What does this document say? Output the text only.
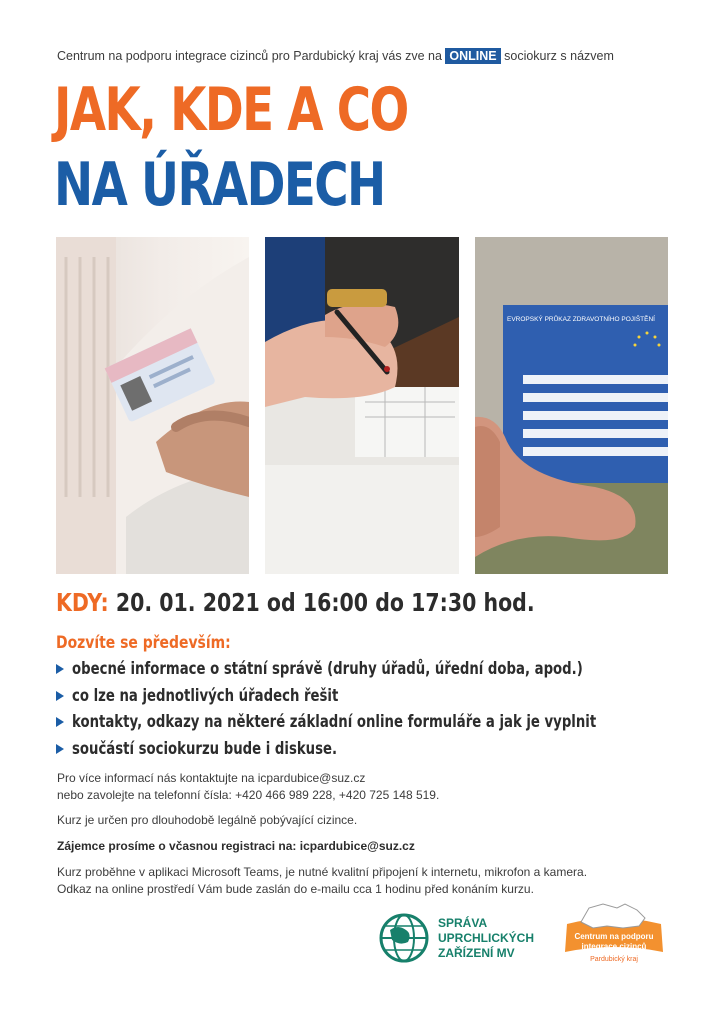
Centrum na podporu integrace cizinců pro Pardubický kraj vás zve na ONLINE sociokurz s názvem
JAK, KDE A CO
NA ÚŘADECH
EVROPSKÝ PRŮKAZ ZDRAVOTNÍHO POJIŠTĚNÍ
KDY: 20. 01. 2021 od 16:00 do 17:30 hod.
Dozvíte se především:
obecné informace o státní správě (druhy úřadů, úřední doba, apod.)
co lze na jednotlivých úřadech řešit
kontakty, odkazy na některé základní online formuláře a jak je vyplnit
součástí sociokurzu bude i diskuse.
Pro více informací nás kontaktujte na icpardubice@suz.cz
nebo zavolejte na telefonní čísla: +420 466 989 228, +420 725 148 519.
Kurz je určen pro dlouhodobě legálně pobývající cizince.
Zájemce prosíme o včasnou registraci na: icpardubice@suz.cz
Kurz proběhne v aplikaci Microsoft Teams, je nutné kvalitní připojení k internetu, mikrofon a kamera.
Odkaz na online prostředí Vám bude zaslán do e-mailu cca 1 hodinu před konáním kurzu.
SPRÁVA
UPRCHLICKÝCH
ZAŘÍZENÍ MV
Centrum na podporu
integrace cizinců
Pardubický kraj
